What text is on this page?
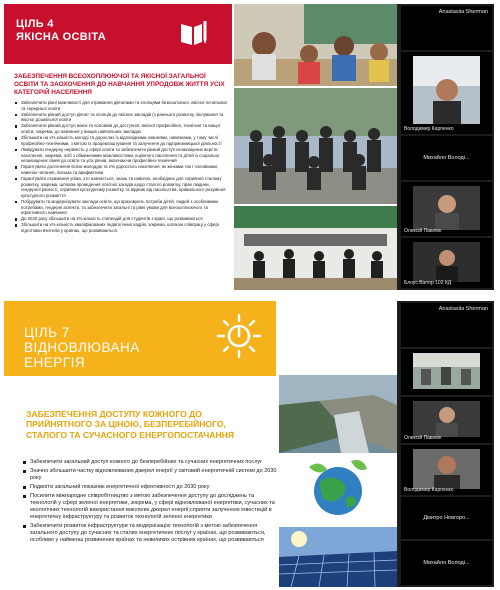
ЦІЛЬ 4
ЯКІСНА ОСВІТА
ЗАБЕЗПЕЧЕННЯ ВСЕОХОПЛЮЮЧОЇ ТА ЯКІСНОЇ ЗАГАЛЬНОЇ ОСВІТИ ТА ЗАОХОЧЕННЯ ДО НАВЧАННЯ УПРОДОВЖ ЖИТТЯ УСІХ КАТЕГОРІЙ НАСЕЛЕННЯ
Забезпечити рівні можливості для отримання дівчатами та хлопцями безкоштовної, якісної початкової та середньої освіти
Забезпечити рівний доступ дівчат та хлопців до якісних закладів (з раннього розвитку, піклування та якісної дошкільної освіти
Забезпечити рівний доступ жінок та чоловіків до доступної, якісної професійної, технічної та вищої освіти, зокрема, до навчання у вищих навчальних закладах
Збільшити на х% кількість молоді та дорослих із відповідними знаннями, навичками, у тому числі професійно-технічними, з метою їх працевлаштування та залучення до підприємницької діяльності
Ліквідувати гендерну нерівність у сфері освіти та забезпечити рівний доступ незахищених верств населення, зокрема, осіб з обмеженими можливостями, корінного населення та дітей із соціально незахищених сімей до освіти та усіх рівнів, включаючи професійно-технічний
Гарантувати досягнення всією молоддю та х% дорослого населення, як жінками так і чоловіками, навичок читання, письма та арифметики
Гарантувати отримання усіма, хто навчається, знань та навичок, необхідних для сприяння сталому розвитку, зокрема, шляхом проведення освітніх заходів щодо сталого розвитку, прав людини, гендерної рівності, сприяння культурному розвитку та відмові від насильства, правильного розуміння культурного розмаїття
Побудувати та модернізувати заклади освіти, що враховують потреби дітей, людей з особливими потребами, гендерні аспекти, та забезпечити загальні та рівні умови для всеохоплюючого та ефективного навчання
До 2020 року збільшити на х% кількість стипендій для студентів з країн, що розвиваються
Збільшити на х% кількість кваліфікованих педагогічних кадрів, зокрема, шляхом співпраці у сфері підготовки вчителів у країнах, що розвиваються
Anastasiia Sherman
Володимир Карпенко
Михайло Володі...
Олексій Павлюк
Блоус Віктор 102 КД
ЦІЛЬ 7
ВІДНОВЛЮВАНА
ЕНЕРГІЯ
ЗАБЕЗПЕЧЕННЯ ДОСТУПУ КОЖНОГО ДО ПРИЙНЯТНОГО ЗА ЦІНОЮ, БЕЗПЕРЕБІЙНОГО, СТАЛОГО ТА СУЧАСНОГО ЕНЕРГОПОСТАЧАННЯ
Забезпечити загальний доступ кожного до безперебійних та сучасних енергетичних послуг
Значно збільшити частку відновлюваних джерел енергії у світовий енергетичній системі до 2030 року
Подвоїти загальний показник енергетичної ефективності до 2030 року
Посилити міжнародне співробітництво з метою забезпечення доступу до досліджень та технологій у сфері зеленої енергетики, зокрема, у сфері відновлюваної енергетики, сучасних та екологічних технологій використання викопних джерел енергії;сприяти залученню інвестицій в енергетичну інфраструктуру та розвиток технологій зеленої енергетики
Забезпечити розвиток інфраструктури та модернізацію технологій з метою забезпечення загального доступу до сучасних та сталих енергетичних послуг у країнах, що розвиваються, особливо у найменш розвинених країнах та невеликих острівних країнах, що розвиваються
Anastasiia Sherman
Олексій Павлюк
Володимир Карпенко
Дмитро Новгоро...
Михайло Володі...
